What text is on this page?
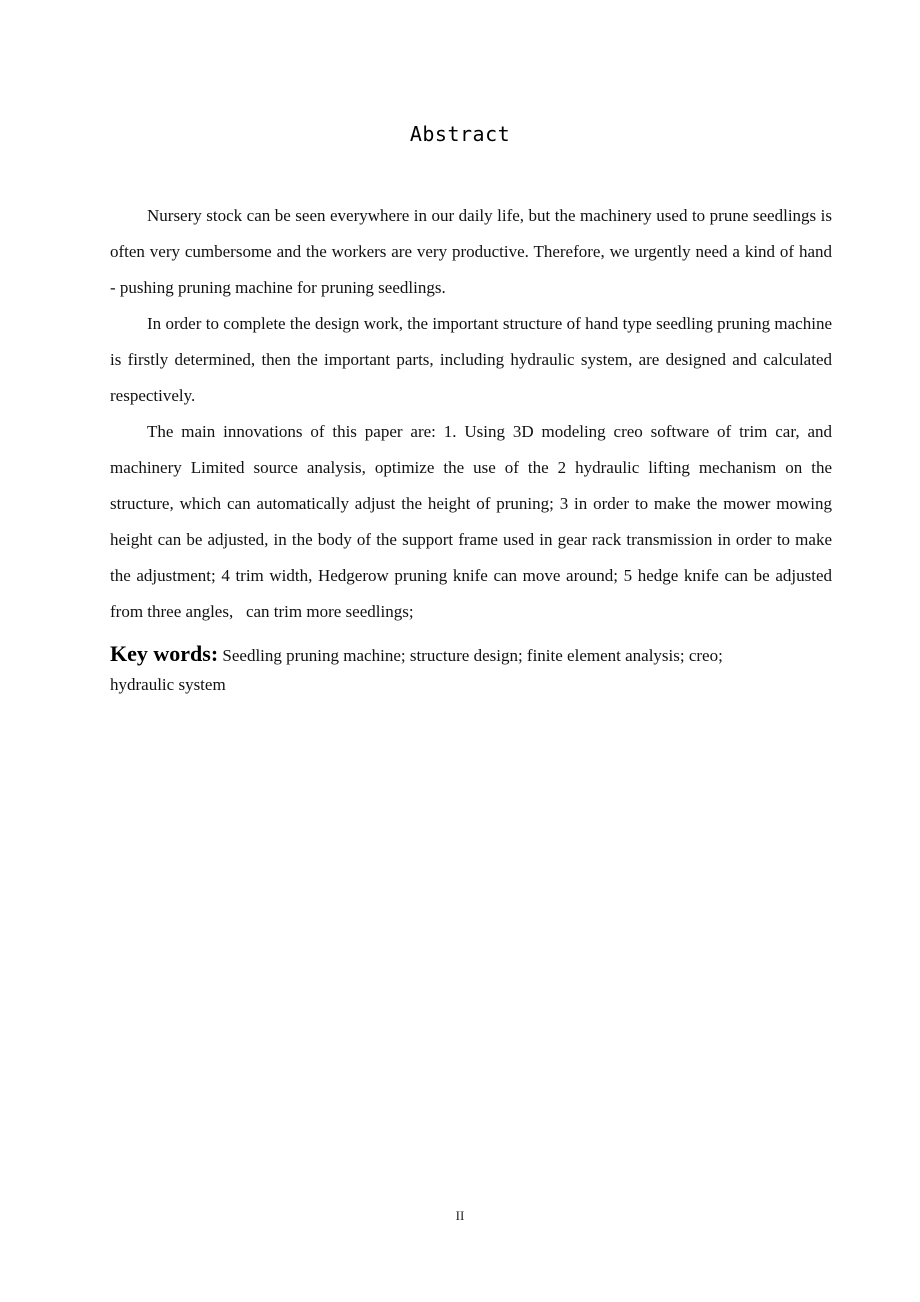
Abstract

Nursery stock can be seen everywhere in our daily life, but the machinery used to prune seedlings is often very cumbersome and the workers are very productive. Therefore, we urgently need a kind of hand - pushing pruning machine for pruning seedlings.

In order to complete the design work, the important structure of hand type seedling pruning machine is firstly determined, then the important parts, including hydraulic system, are designed and calculated respectively.

The main innovations of this paper are: 1. Using 3D modeling creo software of trim car, and machinery Limited source analysis, optimize the use of the 2 hydraulic lifting mechanism on the structure, which can automatically adjust the height of pruning; 3 in order to make the mower mowing height can be adjusted, in the body of the support frame used in gear rack transmission in order to make the adjustment; 4 trim width, Hedgerow pruning knife can move around; 5 hedge knife can be adjusted from three angles,   can trim more seedlings;

Key words: Seedling pruning machine; structure design; finite element analysis; creo;
hydraulic system

II
